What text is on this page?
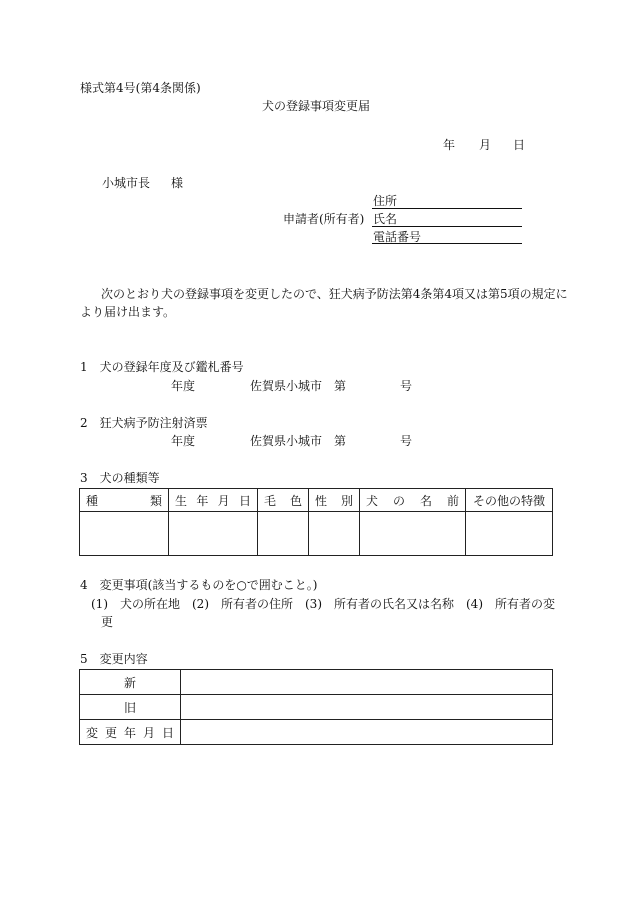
様式第4号(第4条関係)
犬の登録事項変更届
年 月 日
小城市長 様
住所
申請者(所有者) 氏名
電話番号
次のとおり犬の登録事項を変更したので、狂犬病予防法第4条第4項又は第5項の規定に
より届け出ます。
1　犬の登録年度及び鑑札番号
年度	佐賀県小城市　第	号
2　狂犬病予防注射済票
年度	佐賀県小城市　第	号
3　犬の種類等
種類	生年月日	毛色	性別	犬の名前	その他の特徴

4　変更事項(該当するものを○で囲むこと。)
(1)　犬の所在地　(2)　所有者の住所　(3)　所有者の氏名又は名称　(4)　所有者の変
更
5　変更内容
新	
旧	
変更年月日	
